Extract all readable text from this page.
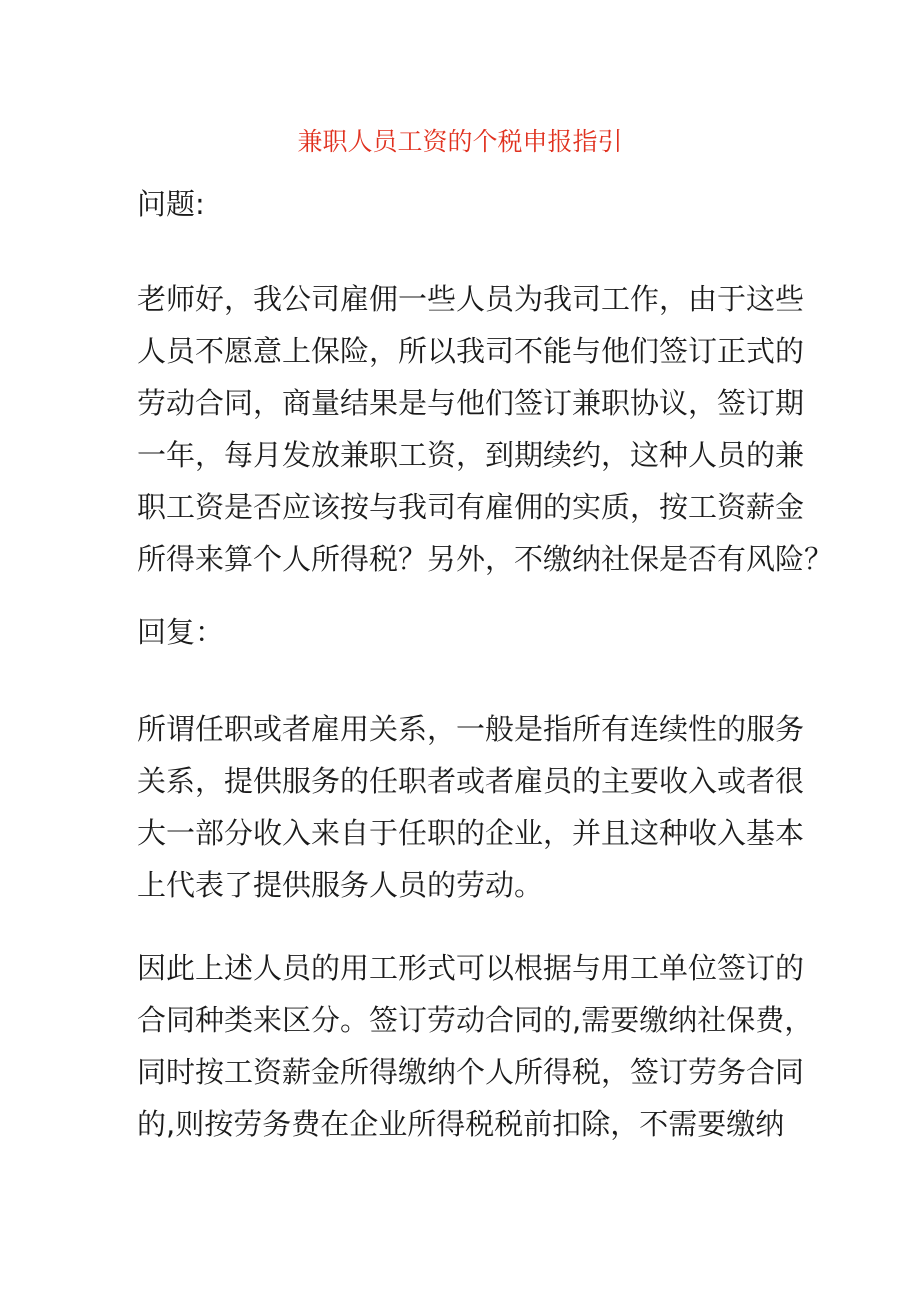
兼职人员工资的个税申报指引

问题:

老师好，我公司雇佣一些人员为我司工作，由于这些
人员不愿意上保险，所以我司不能与他们签订正式的
劳动合同，商量结果是与他们签订兼职协议，签订期
一年，每月发放兼职工资，到期续约，这种人员的兼
职工资是否应该按与我司有雇佣的实质，按工资薪金
所得来算个人所得税？另外，不缴纳社保是否有风险？

回复：

所谓任职或者雇用关系，一般是指所有连续性的服务
关系，提供服务的任职者或者雇员的主要收入或者很
大一部分收入来自于任职的企业，并且这种收入基本
上代表了提供服务人员的劳动。
因此上述人员的用工形式可以根据与用工单位签订的
合同种类来区分。签订劳动合同的,需要缴纳社保费，
同时按工资薪金所得缴纳个人所得税，签订劳务合同
的,则按劳务费在企业所得税税前扣除，不需要缴纳
